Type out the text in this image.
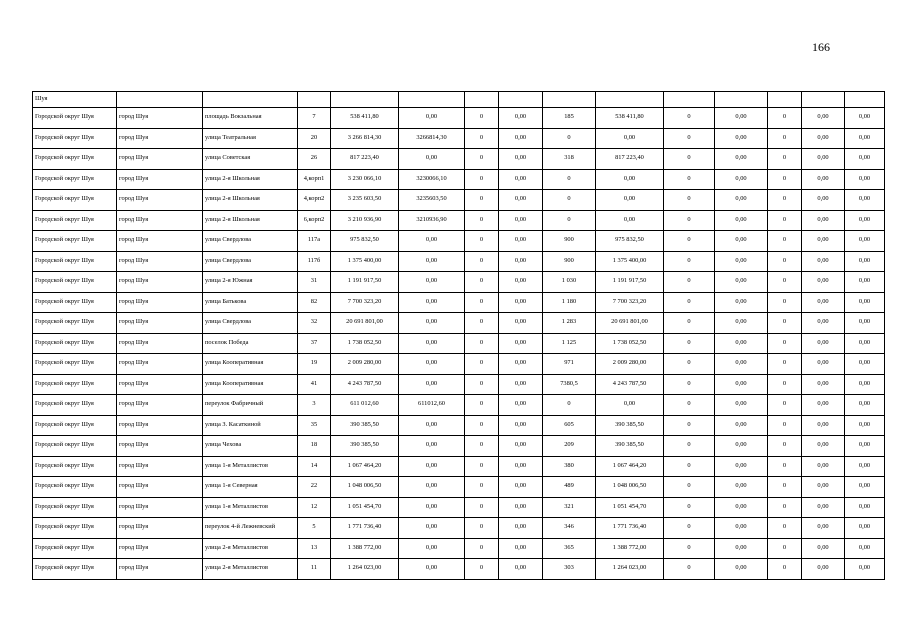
166
Шуя														
Городской округ Шуя	город Шуя	площадь Вокзальная	7	538 411,80	0,00	0	0,00	185	538 411,80	0	0,00	0	0,00	0,00
Городской округ Шуя	город Шуя	улица Театральная	20	3 266 814,30	3266814,30	0	0,00	0	0,00	0	0,00	0	0,00	0,00
Городской округ Шуя	город Шуя	улица Советская	26	817 223,40	0,00	0	0,00	318	817 223,40	0	0,00	0	0,00	0,00
Городской округ Шуя	город Шуя	улица 2-я Школьная	4,корп1	3 230 066,10	3230066,10	0	0,00	0	0,00	0	0,00	0	0,00	0,00
Городской округ Шуя	город Шуя	улица 2-я Школьная	4,корп2	3 235 603,50	3235603,50	0	0,00	0	0,00	0	0,00	0	0,00	0,00
Городской округ Шуя	город Шуя	улица 2-я Школьная	6,корп2	3 210 936,90	3210936,90	0	0,00	0	0,00	0	0,00	0	0,00	0,00
Городской округ Шуя	город Шуя	улица Свердлова	117а	975 832,50	0,00	0	0,00	900	975 832,50	0	0,00	0	0,00	0,00
Городской округ Шуя	город Шуя	улица Свердлова	117б	1 375 400,00	0,00	0	0,00	900	1 375 400,00	0	0,00	0	0,00	0,00
Городской округ Шуя	город Шуя	улица 2-я Южная	31	1 191 917,50	0,00	0	0,00	1 030	1 191 917,50	0	0,00	0	0,00	0,00
Городской округ Шуя	город Шуя	улица Батькова	82	7 700 323,20	0,00	0	0,00	1 180	7 700 323,20	0	0,00	0	0,00	0,00
Городской округ Шуя	город Шуя	улица Свердлова	32	20 691 801,00	0,00	0	0,00	1 283	20 691 801,00	0	0,00	0	0,00	0,00
Городской округ Шуя	город Шуя	поселок Победа	37	1 738 052,50	0,00	0	0,00	1 125	1 738 052,50	0	0,00	0	0,00	0,00
Городской округ Шуя	город Шуя	улица Кооперативная	19	2 009 280,00	0,00	0	0,00	971	2 009 280,00	0	0,00	0	0,00	0,00
Городской округ Шуя	город Шуя	улица Кооперативная	41	4 243 787,50	0,00	0	0,00	7380,5	4 243 787,50	0	0,00	0	0,00	0,00
Городской округ Шуя	город Шуя	переулок Фабричный	3	611 012,60	611012,60	0	0,00	0	0,00	0	0,00	0	0,00	0,00
Городской округ Шуя	город Шуя	улица З. Касаткиной	35	390 385,50	0,00	0	0,00	605	390 385,50	0	0,00	0	0,00	0,00
Городской округ Шуя	город Шуя	улица Чехова	18	390 385,50	0,00	0	0,00	209	390 385,50	0	0,00	0	0,00	0,00
Городской округ Шуя	город Шуя	улица 1-я Металлистов	14	1 067 464,20	0,00	0	0,00	380	1 067 464,20	0	0,00	0	0,00	0,00
Городской округ Шуя	город Шуя	улица 1-я Северная	22	1 048 006,50	0,00	0	0,00	489	1 048 006,50	0	0,00	0	0,00	0,00
Городской округ Шуя	город Шуя	улица 1-я Металлистов	12	1 051 454,70	0,00	0	0,00	321	1 051 454,70	0	0,00	0	0,00	0,00
Городской округ Шуя	город Шуя	переулок 4-й Лежневский	5	1 771 736,40	0,00	0	0,00	346	1 771 736,40	0	0,00	0	0,00	0,00
Городской округ Шуя	город Шуя	улица 2-я Металлистов	13	1 388 772,00	0,00	0	0,00	365	1 388 772,00	0	0,00	0	0,00	0,00
Городской округ Шуя	город Шуя	улица 2-я Металлистов	11	1 264 023,00	0,00	0	0,00	303	1 264 023,00	0	0,00	0	0,00	0,00
